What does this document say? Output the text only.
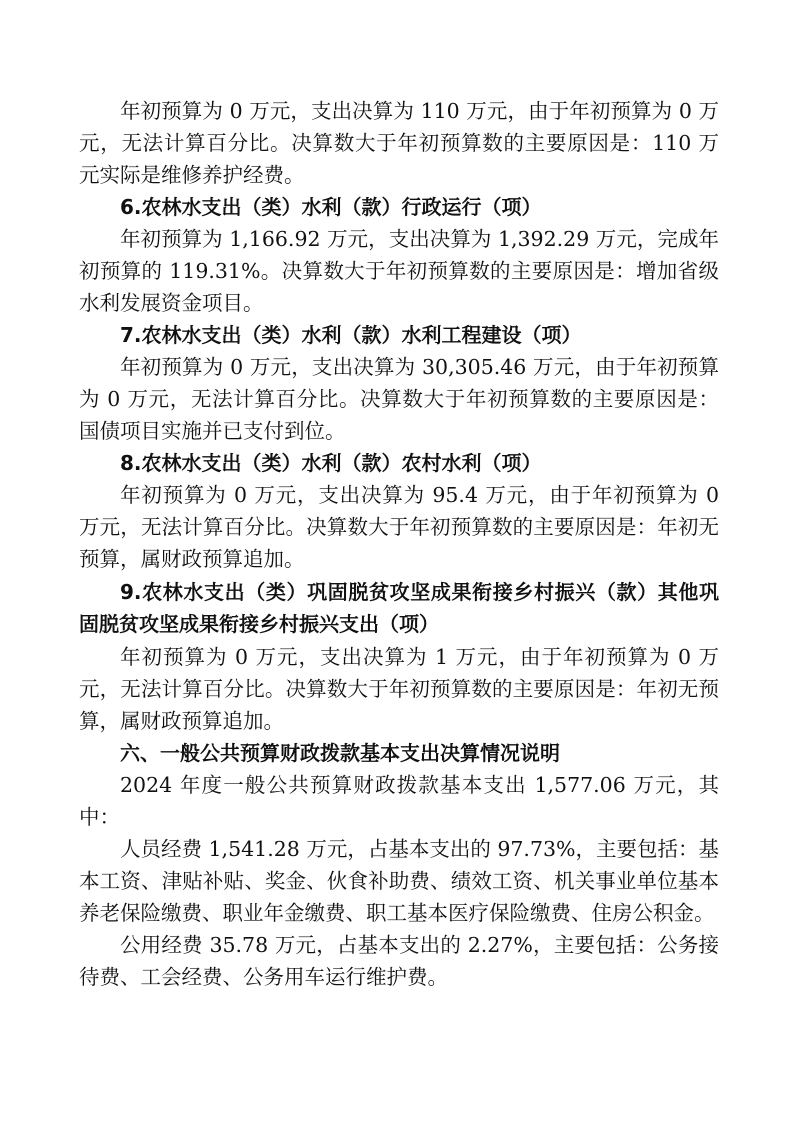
年初预算为 0 万元，支出决算为 110 万元，由于年初预算为 0 万元，无法计算百分比。决算数大于年初预算数的主要原因是：110 万元实际是维修养护经费。

6.农林水支出（类）水利（款）行政运行（项）

年初预算为 1,166.92 万元，支出决算为 1,392.29 万元，完成年初预算的 119.31%。决算数大于年初预算数的主要原因是：增加省级水利发展资金项目。

7.农林水支出（类）水利（款）水利工程建设（项）

年初预算为 0 万元，支出决算为 30,305.46 万元，由于年初预算为 0 万元，无法计算百分比。决算数大于年初预算数的主要原因是：国债项目实施并已支付到位。

8.农林水支出（类）水利（款）农村水利（项）

年初预算为 0 万元，支出决算为 95.4 万元，由于年初预算为 0 万元，无法计算百分比。决算数大于年初预算数的主要原因是：年初无预算，属财政预算追加。

9.农林水支出（类）巩固脱贫攻坚成果衔接乡村振兴（款）其他巩固脱贫攻坚成果衔接乡村振兴支出（项）

年初预算为 0 万元，支出决算为 1 万元，由于年初预算为 0 万元，无法计算百分比。决算数大于年初预算数的主要原因是：年初无预算，属财政预算追加。

六、一般公共预算财政拨款基本支出决算情况说明

2024 年度一般公共预算财政拨款基本支出 1,577.06 万元，其中：

人员经费 1,541.28 万元，占基本支出的 97.73%，主要包括：基本工资、津贴补贴、奖金、伙食补助费、绩效工资、机关事业单位基本养老保险缴费、职业年金缴费、职工基本医疗保险缴费、住房公积金。

公用经费 35.78 万元，占基本支出的 2.27%，主要包括：公务接待费、工会经费、公务用车运行维护费。
